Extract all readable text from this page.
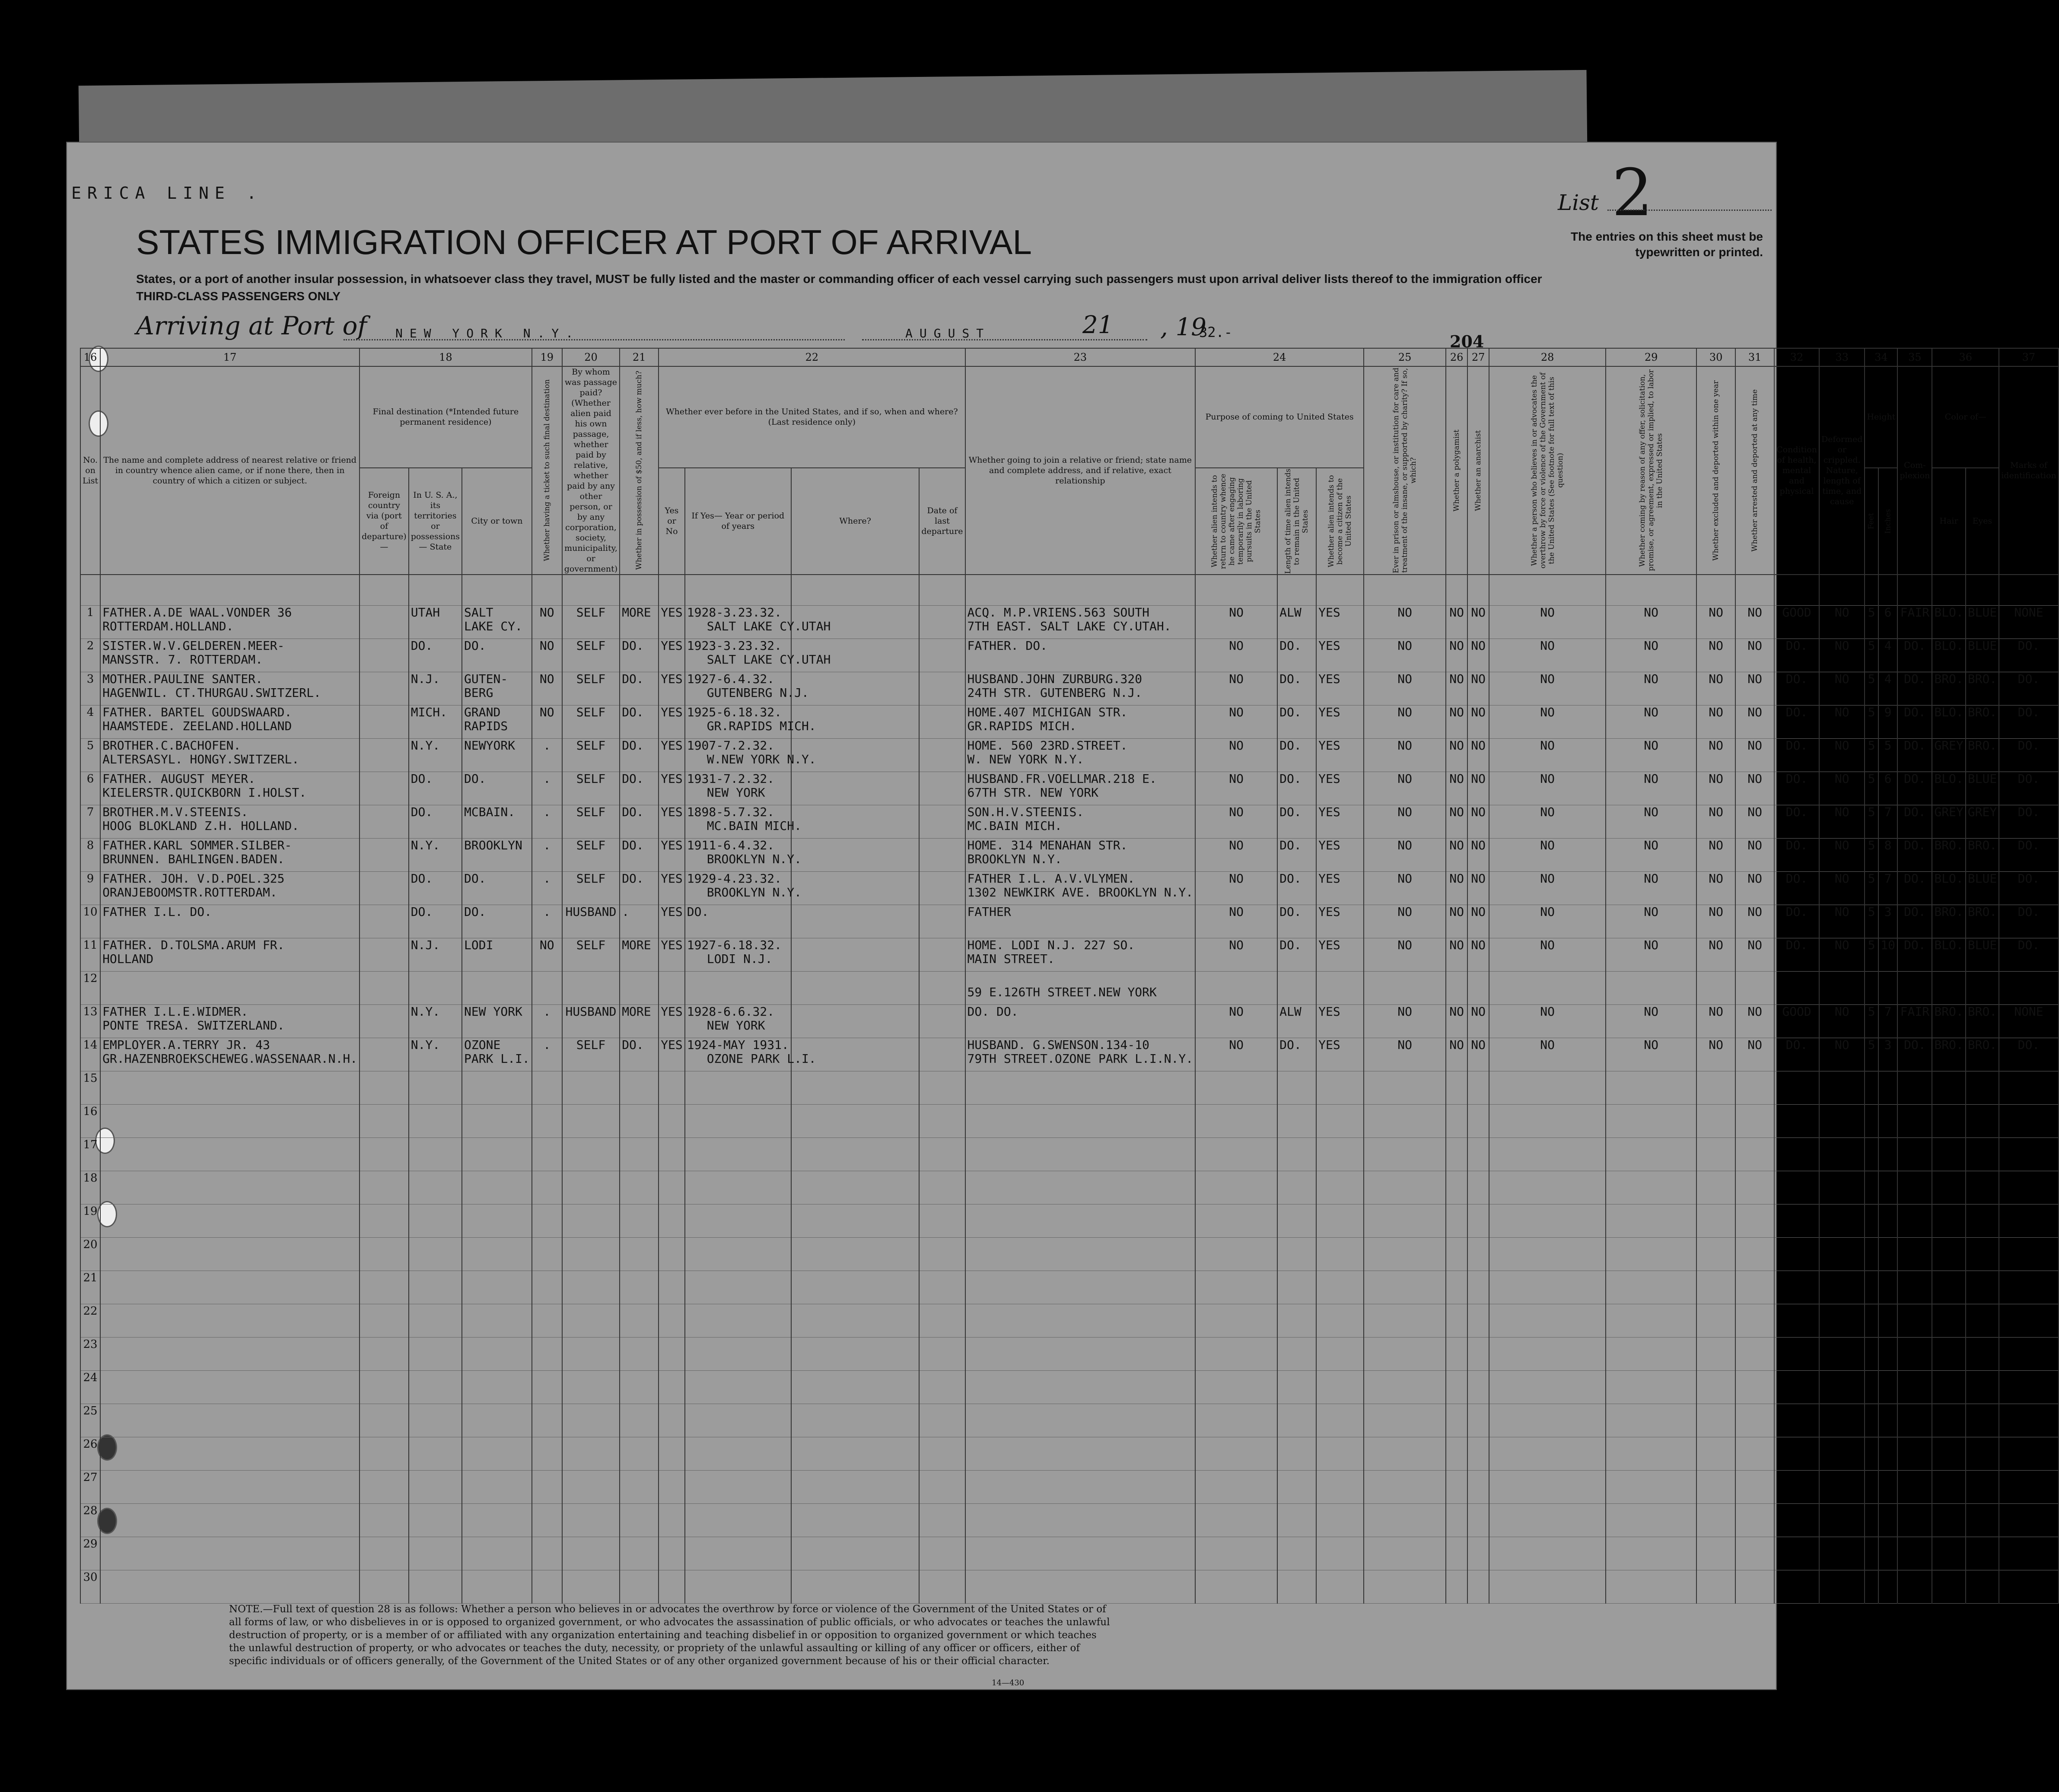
ERICA LINE .
STATES IMMIGRATION OFFICER AT PORT OF ARRIVAL
List 2
The entries on this sheet must be typewritten or printed.
States, or a port of another insular possession, in whatsoever class they travel, MUST be fully listed and the master or commanding officer of each vessel carrying such passengers must upon arrival deliver lists thereof to the immigration officer
THIRD-CLASS PASSENGERS ONLY
Arriving at Port of NEW YORK N.Y.	AUGUST	21 , 19
32.-	204
16	17	18			19	20	21	22				23	24			25	26	27	28	29	30	31	32	33	34		35	36		37
No. on List	The name and complete address of nearest relative or friend in country whence alien came, or if none there, then in country of which a citizen or subject.	Final destination (*Intended future permanent residence)			Whether having a ticket to such final destination	By whom was passage paid? (Whether alien paid his own passage, whether paid by relative, whether paid by any other person, or by any corporation, society, municipality, or government)	Whether in possession of $50, and if less, how much?	Whether ever before in the United States, and if so, when and where? (Last residence only)				Whether going to join a relative or friend; state name and complete address, and if relative, exact relationship	Purpose of coming to United States			Ever in prison or almshouse, or institution for care and treatment of the insane, or supported by charity? If so, which?	Whether a polygamist	Whether an anarchist	Whether a person who believes in or advocates the overthrow by force or violence of the Government of the United States (See footnote for full text of this question)	Whether coming by reason of any offer, solicitation, promise, or agreement, expressed or implied, to labor in the United States	Whether excluded and deported within one year	Whether arrested and deported at any time	Condition of health, mental and physical	Deformed or crippled. Nature, length of time, and cause	Height		Com-plexion	Color of—		Marks of identification
		Foreign country via (port of departure)—	In U. S. A., its territories or possessions — State	City or town				Yes or No	If Yes— Year or period of years	Where?	Date of last departure		Whether alien intends to return to country whence he came after engaging temporarily in laboring pursuits in the United States	Length of time alien intends to remain in the United States	Whether alien intends to become a citizen of the United States										Feet	Inches		Hair	Eyes	

1	FATHER.A.DE WAAL.VONDER 36
ROTTERDAM.HOLLAND.		UTAH	SALT
LAKE CY.	NO	SELF	MORE	YES	1928-3.23.32.	SALT LAKE CY.UTAH		ACQ. M.P.VRIENS.563 SOUTH
7TH EAST. SALT LAKE CY.UTAH.	NO	ALW	YES	NO	NO	NO	NO	NO	NO	NO	GOOD	NO	5	6	FAIR	BLO.	BLUE	NONE
2	SISTER.W.V.GELDEREN.MEER-
MANSSTR. 7. ROTTERDAM.		DO.	DO.	NO	SELF	DO.	YES	1923-3.23.32.	SALT LAKE CY.UTAH		FATHER. DO.	NO	DO.	YES	NO	NO	NO	NO	NO	NO	NO	DO.	NO	5	4	DO.	BLO.	BLUE	DO.
3	MOTHER.PAULINE SANTER.
HAGENWIL. CT.THURGAU.SWITZERL.		N.J.	GUTEN-
BERG	NO	SELF	DO.	YES	1927-6.4.32.	GUTENBERG N.J.		HUSBAND.JOHN ZURBURG.320
24TH STR. GUTENBERG N.J.	NO	DO.	YES	NO	NO	NO	NO	NO	NO	NO	DO.	NO	5	4	DO.	BRO.	BRO.	DO.
4	FATHER. BARTEL GOUDSWAARD.
HAAMSTEDE. ZEELAND.HOLLAND		MICH.	GRAND
RAPIDS	NO	SELF	DO.	YES	1925-6.18.32.	GR.RAPIDS MICH.		HOME.407 MICHIGAN STR.
GR.RAPIDS MICH.	NO	DO.	YES	NO	NO	NO	NO	NO	NO	NO	DO.	NO	5	9	DO.	BLO.	BRO.	DO.
5	BROTHER.C.BACHOFEN.
ALTERSASYL. HONGY.SWITZERL.		N.Y.	NEWYORK	.	SELF	DO.	YES	1907-7.2.32.	W.NEW YORK N.Y.		HOME. 560 23RD.STREET.
W. NEW YORK N.Y.	NO	DO.	YES	NO	NO	NO	NO	NO	NO	NO	DO.	NO	5	5	DO.	GREY	BRO.	DO.
6	FATHER. AUGUST MEYER.
KIELERSTR.QUICKBORN I.HOLST.		DO.	DO.	.	SELF	DO.	YES	1931-7.2.32.	NEW YORK		HUSBAND.FR.VOELLMAR.218 E.
67TH STR. NEW YORK	NO	DO.	YES	NO	NO	NO	NO	NO	NO	NO	DO.	NO	5	6	DO.	BLO.	BLUE	DO.
7	BROTHER.M.V.STEENIS.
HOOG BLOKLAND Z.H. HOLLAND.		DO.	MCBAIN.	.	SELF	DO.	YES	1898-5.7.32.	MC.BAIN MICH.		SON.H.V.STEENIS.
MC.BAIN MICH.	NO	DO.	YES	NO	NO	NO	NO	NO	NO	NO	DO.	NO	5	7	DO.	GREY	GREY	DO.
8	FATHER.KARL SOMMER.SILBER-
BRUNNEN. BAHLINGEN.BADEN.		N.Y.	BROOKLYN	.	SELF	DO.	YES	1911-6.4.32.	BROOKLYN N.Y.		HOME. 314 MENAHAN STR.
BROOKLYN N.Y.	NO	DO.	YES	NO	NO	NO	NO	NO	NO	NO	DO.	NO	5	8	DO.	BRO.	BRO.	DO.
9	FATHER. JOH. V.D.POEL.325
ORANJEBOOMSTR.ROTTERDAM.		DO.	DO.	.	SELF	DO.	YES	1929-4.23.32.	BROOKLYN N.Y.		FATHER I.L. A.V.VLYMEN.
1302 NEWKIRK AVE. BROOKLYN N.Y.	NO	DO.	YES	NO	NO	NO	NO	NO	NO	NO	DO.	NO	5	7	DO.	BLO.	BLUE	DO.
10	FATHER I.L. DO.		DO.	DO.	.	HUSBAND	.	YES	DO.			FATHER	NO	DO.	YES	NO	NO	NO	NO	NO	NO	NO	DO.	NO	5	3	DO.	BRO.	BRO.	DO.
11	FATHER. D.TOLSMA.ARUM FR.
HOLLAND		N.J.	LODI	NO	SELF	MORE	YES	1927-6.18.32.	LODI N.J.		HOME. LODI N.J. 227 SO.
MAIN STREET.	NO	DO.	YES	NO	NO	NO	NO	NO	NO	NO	DO.	NO	5	10	DO.	BLO.	BLUE	DO.
12												59 E.126TH STREET.NEW YORK																		
13	FATHER I.L.E.WIDMER.
PONTE TRESA. SWITZERLAND.		N.Y.	NEW YORK	.	HUSBAND	MORE	YES	1928-6.6.32.	NEW YORK		DO. DO.	NO	ALW	YES	NO	NO	NO	NO	NO	NO	NO	GOOD	NO	5	7	FAIR	BRO.	BRO.	NONE
14	EMPLOYER.A.TERRY JR. 43
GR.HAZENBROEKSCHEWEG.WASSENAAR.N.H.		N.Y.	OZONE
PARK L.I.	.	SELF	DO.	YES	1924-MAY 1931.	OZONE PARK L.I.		HUSBAND. G.SWENSON.134-10
79TH STREET.OZONE PARK L.I.N.Y.	NO	DO.	YES	NO	NO	NO	NO	NO	NO	NO	DO.	NO	5	3	DO.	BRO.	BRO.	DO.
15																														
16																														
17																														
18																														
19																														
20																														
21																														
22																														
23																														
24																														
25																														
26																														
27																														
28																														
29																														
30																														
NOTE.—Full text of question 28 is as follows: Whether a person who believes in or advocates the overthrow by force or violence of the Government of the United States or of all forms of law, or who disbelieves in or is opposed to organized government, or who advocates the assassination of public officials, or who advocates or teaches the unlawful destruction of property, or is a member of or affiliated with any organization entertaining and teaching disbelief in or opposition to organized government or which teaches the unlawful destruction of property, or who advocates or teaches the duty, necessity, or propriety of the unlawful assaulting or killing of any officer or officers, either of specific individuals or of officers generally, of the Government of the United States or of any other organized government because of his or their official character.
14—430
